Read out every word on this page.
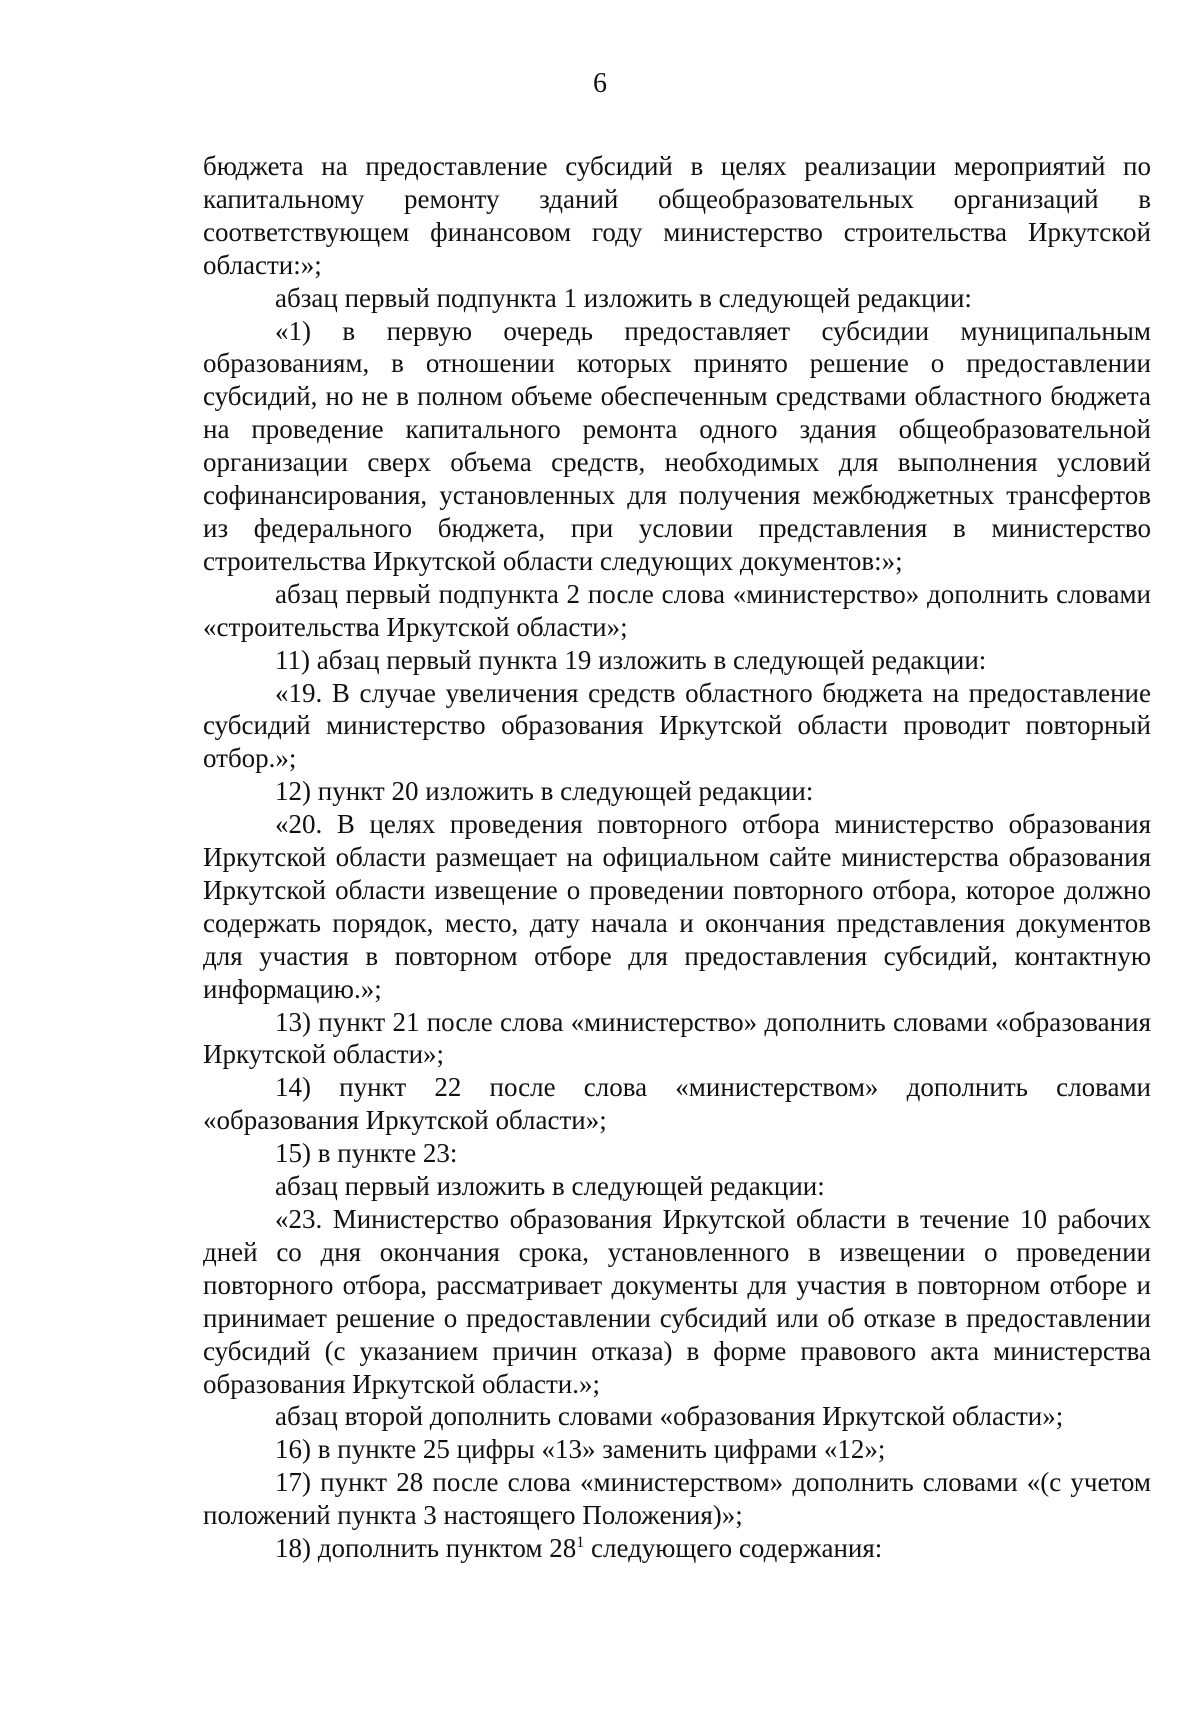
6

бюджета на предоставление субсидий в целях реализации мероприятий по капитальному ремонту зданий общеобразовательных организаций в соответствующем финансовом году министерство строительства Иркутской области:»;

абзац первый подпункта 1 изложить в следующей редакции:

«1) в первую очередь предоставляет субсидии муниципальным образованиям, в отношении которых принято решение о предоставлении субсидий, но не в полном объеме обеспеченным средствами областного бюджета на проведение капитального ремонта одного здания общеобразовательной организации сверх объема средств, необходимых для выполнения условий софинансирования, установленных для получения межбюджетных трансфертов из федерального бюджета, при условии представления в министерство строительства Иркутской области следующих документов:»;

абзац первый подпункта 2 после слова «министерство» дополнить словами «строительства Иркутской области»;

11) абзац первый пункта 19 изложить в следующей редакции:

«19. В случае увеличения средств областного бюджета на предоставление субсидий министерство образования Иркутской области проводит повторный отбор.»;

12) пункт 20 изложить в следующей редакции:

«20. В целях проведения повторного отбора министерство образования Иркутской области размещает на официальном сайте министерства образования Иркутской области извещение о проведении повторного отбора, которое должно содержать порядок, место, дату начала и окончания представления документов для участия в повторном отборе для предоставления субсидий, контактную информацию.»;

13) пункт 21 после слова «министерство» дополнить словами «образования Иркутской области»;

14) пункт 22 после слова «министерством» дополнить словами «образования Иркутской области»;

15) в пункте 23:

абзац первый изложить в следующей редакции:

«23. Министерство образования Иркутской области в течение 10 рабочих дней со дня окончания срока, установленного в извещении о проведении повторного отбора, рассматривает документы для участия в повторном отборе и принимает решение о предоставлении субсидий или об отказе в предоставлении субсидий (с указанием причин отказа) в форме правового акта министерства образования Иркутской области.»;

абзац второй дополнить словами «образования Иркутской области»;

16) в пункте 25 цифры «13» заменить цифрами «12»;

17) пункт 28 после слова «министерством» дополнить словами «(с учетом положений пункта 3 настоящего Положения)»;

18) дополнить пунктом $28^1$ следующего содержания:
